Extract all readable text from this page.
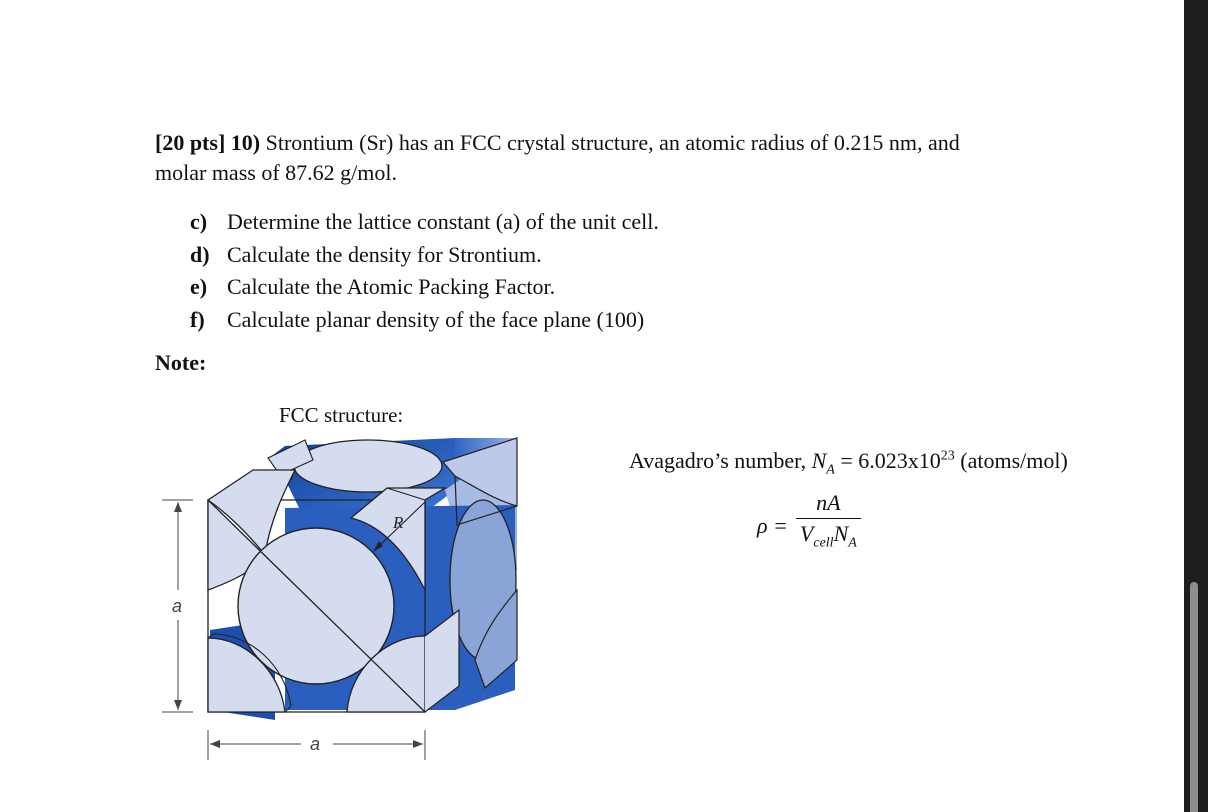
[20 pts] 10) Strontium (Sr) has an FCC crystal structure, an atomic radius of 0.215 nm, and
molar mass of 87.62 g/mol.
c) Determine the lattice constant (a) of the unit cell.
d) Calculate the density for Strontium.
e) Calculate the Atomic Packing Factor.
f)	Calculate planar density of the face plane (100)
Note:
FCC structure:
R
a
a
Avagadro’s number, $N_A = 6.023x10^{23}$ (atoms/mol)
$\rho = \frac{nA}{V_{cell}N_A}$
